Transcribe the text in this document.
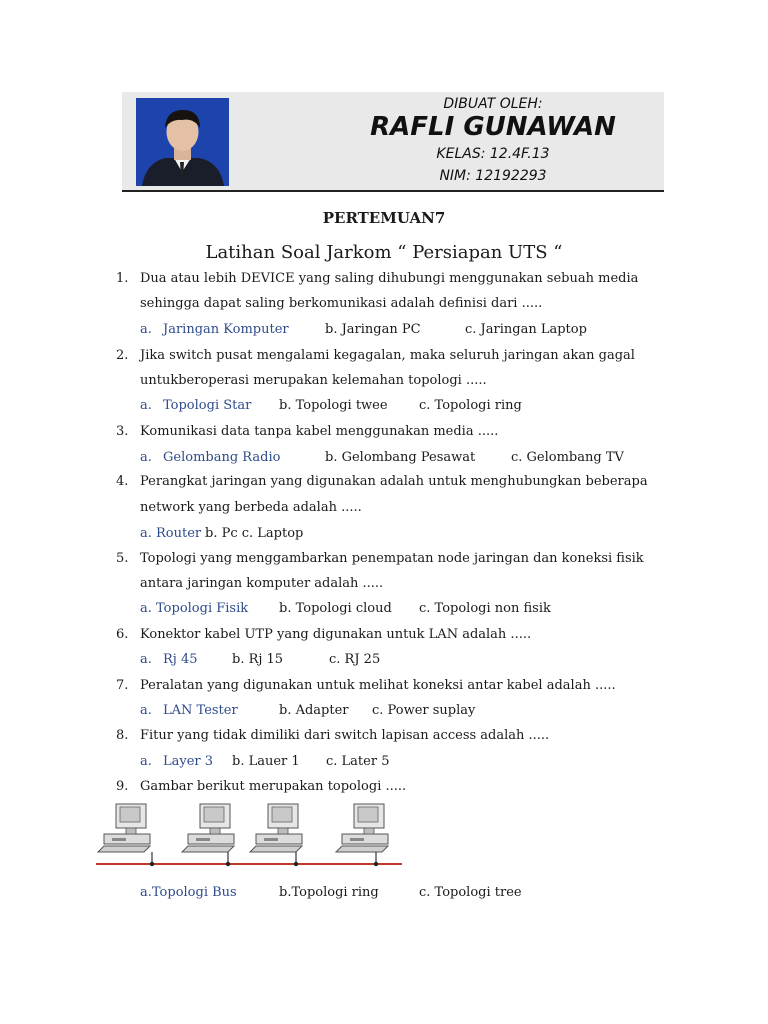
DIBUAT OLEH:
RAFLI GUNAWAN
KELAS: 12.4F.13
NIM: 12192293
PERTEMUAN7
Latihan Soal Jarkom “ Persiapan UTS “
1. Dua atau lebih DEVICE yang saling dihubungi menggunakan sebuah media
sehingga dapat saling berkomunikasi adalah definisi dari .....
a. Jaringan Komputer	b. Jaringan PC	c. Jaringan Laptop
2. Jika switch pusat mengalami kegagalan, maka seluruh jaringan akan gagal
untukberoperasi merupakan kelemahan topologi .....
a. Topologi Star b. Topologi twee c. Topologi ring
3. Komunikasi data tanpa kabel menggunakan media .....
a. Gelombang Radio	b. Gelombang Pesawat	c. Gelombang TV
4. Perangkat jaringan yang digunakan adalah untuk menghubungkan beberapa
network yang berbeda adalah .....
a. Router b. Pc c. Laptop
5. Topologi yang menggambarkan penempatan node jaringan dan koneksi fisik
antara jaringan komputer adalah .....
a. Topologi Fisik b. Topologi cloud c. Topologi non fisik
6. Konektor kabel UTP yang digunakan untuk LAN adalah .....
a. Rj 45	b. Rj 15	c. RJ 25
7. Peralatan yang digunakan untuk melihat koneksi antar kabel adalah .....
a. LAN Tester	b. Adapter c. Power suplay
8. Fitur yang tidak dimiliki dari switch lapisan access adalah .....
a. Layer 3 b. Lauer 1 c. Later 5
9. Gambar berikut merupakan topologi .....
a.Topologi Bus	b.Topologi ring	c. Topologi tree
